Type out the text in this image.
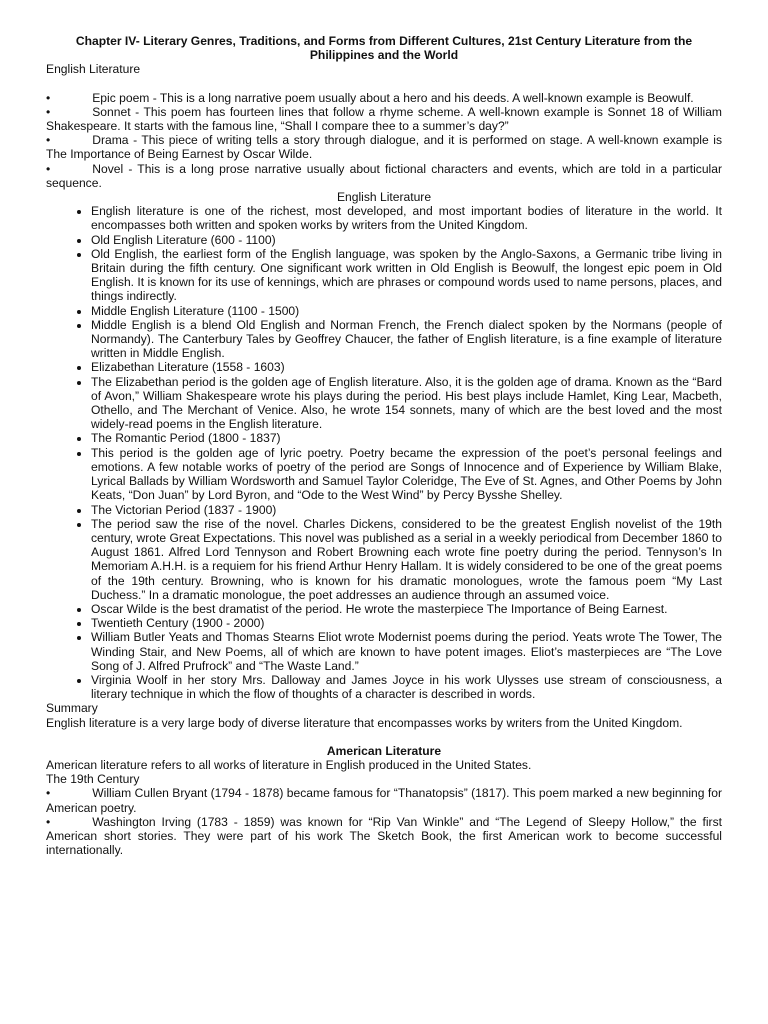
Chapter IV- Literary Genres, Traditions, and Forms from Different Cultures, 21st Century Literature from the Philippines and the World

English Literature

•	Epic poem - This is a long narrative poem usually about a hero and his deeds. A well-known example is Beowulf.

•	Sonnet - This poem has fourteen lines that follow a rhyme scheme. A well-known example is Sonnet 18 of William Shakespeare. It starts with the famous line, “Shall I compare thee to a summer’s day?”

•	Drama - This piece of writing tells a story through dialogue, and it is performed on stage. A well-known example is The Importance of Being Earnest by Oscar Wilde.

•	Novel - This is a long prose narrative usually about fictional characters and events, which are told in a particular sequence.

English Literature

• English literature is one of the richest, most developed, and most important bodies of literature in the world. It encompasses both written and spoken works by writers from the United Kingdom.
• Old English Literature (600 - 1100)
• Old English, the earliest form of the English language, was spoken by the Anglo-Saxons, a Germanic tribe living in Britain during the fifth century. One significant work written in Old English is Beowulf, the longest epic poem in Old English. It is known for its use of kennings, which are phrases or compound words used to name persons, places, and things indirectly.
• Middle English Literature (1100 - 1500)
• Middle English is a blend Old English and Norman French, the French dialect spoken by the Normans (people of Normandy). The Canterbury Tales by Geoffrey Chaucer, the father of English literature, is a fine example of literature written in Middle English.
• Elizabethan Literature (1558 - 1603)
• The Elizabethan period is the golden age of English literature. Also, it is the golden age of drama. Known as the “Bard of Avon,” William Shakespeare wrote his plays during the period. His best plays include Hamlet, King Lear, Macbeth, Othello, and The Merchant of Venice. Also, he wrote 154 sonnets, many of which are the best loved and the most widely-read poems in the English literature.
• The Romantic Period (1800 - 1837)
• This period is the golden age of lyric poetry. Poetry became the expression of the poet’s personal feelings and emotions. A few notable works of poetry of the period are Songs of Innocence and of Experience by William Blake, Lyrical Ballads by William Wordsworth and Samuel Taylor Coleridge, The Eve of St. Agnes, and Other Poems by John Keats, “Don Juan” by Lord Byron, and “Ode to the West Wind” by Percy Bysshe Shelley.
• The Victorian Period (1837 - 1900)
• The period saw the rise of the novel. Charles Dickens, considered to be the greatest English novelist of the 19th century, wrote Great Expectations. This novel was published as a serial in a weekly periodical from December 1860 to August 1861. Alfred Lord Tennyson and Robert Browning each wrote fine poetry during the period. Tennyson’s In Memoriam A.H.H. is a requiem for his friend Arthur Henry Hallam. It is widely considered to be one of the great poems of the 19th century. Browning, who is known for his dramatic monologues, wrote the famous poem “My Last Duchess.” In a dramatic monologue, the poet addresses an audience through an assumed voice.
• Oscar Wilde is the best dramatist of the period. He wrote the masterpiece The Importance of Being Earnest.
• Twentieth Century (1900 - 2000)
• William Butler Yeats and Thomas Stearns Eliot wrote Modernist poems during the period. Yeats wrote The Tower, The Winding Stair, and New Poems, all of which are known to have potent images. Eliot’s masterpieces are “The Love Song of J. Alfred Prufrock” and “The Waste Land.”
• Virginia Woolf in her story Mrs. Dalloway and James Joyce in his work Ulysses use stream of consciousness, a literary technique in which the flow of thoughts of a character is described in words.

Summary

English literature is a very large body of diverse literature that encompasses works by writers from the United Kingdom.

American Literature

American literature refers to all works of literature in English produced in the United States.

The 19th Century

•	William Cullen Bryant (1794 - 1878) became famous for “Thanatopsis” (1817). This poem marked a new beginning for American poetry.

•	Washington Irving (1783 - 1859) was known for “Rip Van Winkle” and “The Legend of Sleepy Hollow,” the first American short stories. They were part of his work The Sketch Book, the first American work to become successful internationally.
